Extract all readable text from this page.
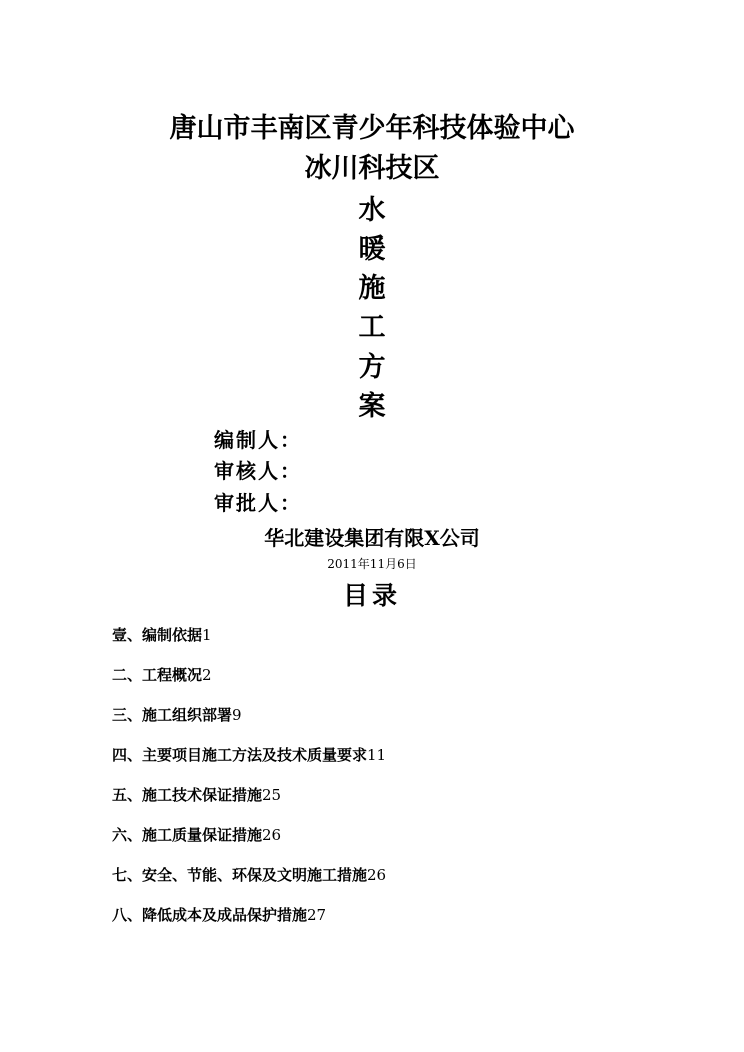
唐山市丰南区青少年科技体验中心
冰川科技区
水
暖
施
工
方
案
编制人：
审核人：
审批人：
华北建设集团有限X公司
2011年11月6日
目录
壹、编制依据1
二、工程概况2
三、施工组织部署9
四、主要项目施工方法及技术质量要求11
五、施工技术保证措施25
六、施工质量保证措施26
七、安全、节能、环保及文明施工措施26
八、降低成本及成品保护措施27
